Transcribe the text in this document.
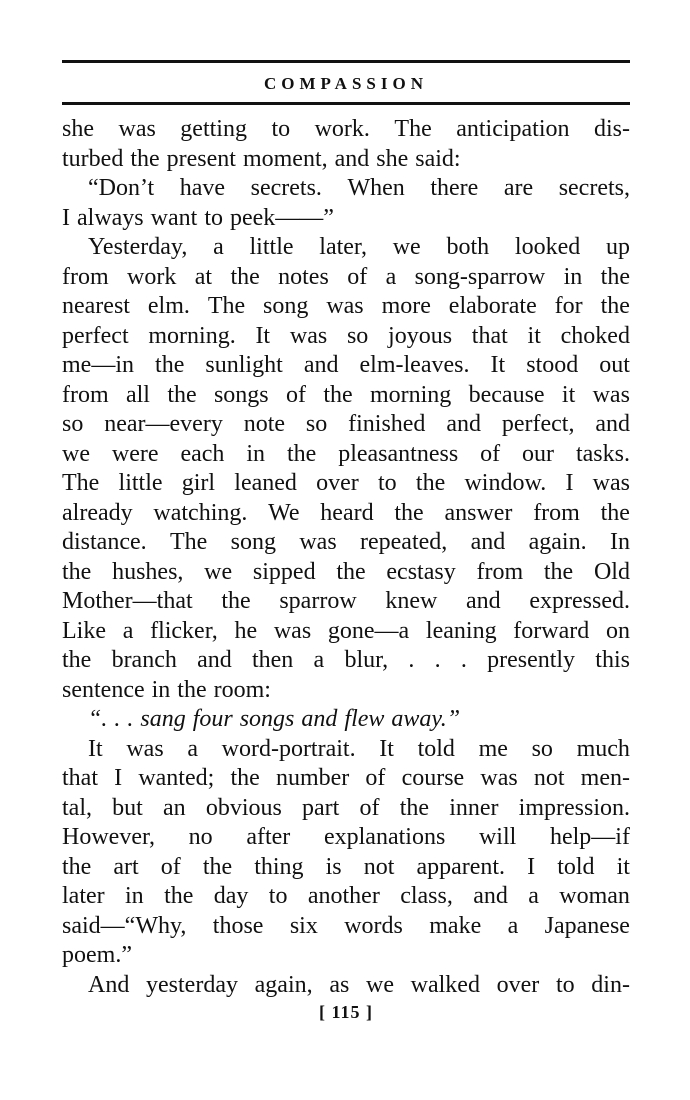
COMPASSION
she was getting to work. The anticipation dis-
turbed the present moment, and she said:
“Don’t have secrets. When there are secrets,
I always want to peek——”
Yesterday, a little later, we both looked up
from work at the notes of a song-sparrow in the
nearest elm. The song was more elaborate for the
perfect morning. It was so joyous that it choked
me—in the sunlight and elm-leaves. It stood out
from all the songs of the morning because it was
so near—every note so finished and perfect, and
we were each in the pleasantness of our tasks.
The little girl leaned over to the window. I was
already watching. We heard the answer from the
distance. The song was repeated, and again. In
the hushes, we sipped the ecstasy from the Old
Mother—that the sparrow knew and expressed.
Like a flicker, he was gone—a leaning forward on
the branch and then a blur, . . . presently this
sentence in the room:
“. . . sang four songs and flew away.”
It was a word-portrait. It told me so much
that I wanted; the number of course was not men-
tal, but an obvious part of the inner impression.
However, no after explanations will help—if
the art of the thing is not apparent. I told it
later in the day to another class, and a woman
said—“Why, those six words make a Japanese
poem.”
And yesterday again, as we walked over to din-
[ 115 ]
